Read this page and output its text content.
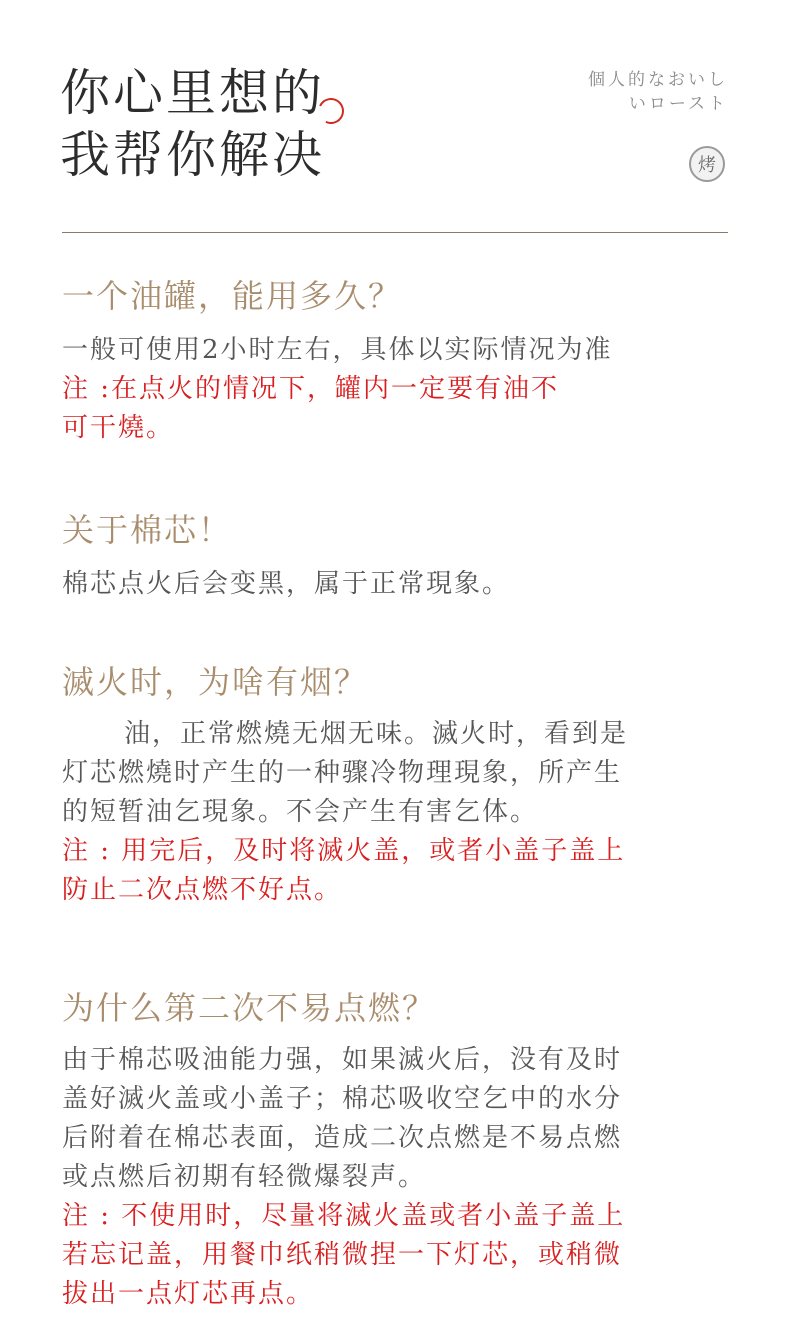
你心里想的
我帮你解决
個人的なおいし
いロースト
烤
一个油罐，能用多久？
一般可使用2小时左右，具体以实际情况为准
注 :在点火的情况下，罐内一定要有油不
可干燒。
关于棉芯！
棉芯点火后会变黑，属于正常現象。
滅火时，为啥有烟？
油，正常燃燒无烟无味。滅火时，看到是
灯芯燃燒时产生的一种骤冷物理現象，所产生
的短暂油乞現象。不会产生有害乞体。
注 : 用完后，及时将滅火盖，或者小盖子盖上
防止二次点燃不好点。
为什么第二次不易点燃？
由于棉芯吸油能力强，如果滅火后，没有及时
盖好滅火盖或小盖子；棉芯吸收空乞中的水分
后附着在棉芯表面，造成二次点燃是不易点燃
或点燃后初期有轻微爆裂声。
注 : 不使用时，尽量将滅火盖或者小盖子盖上
若忘记盖，用餐巾纸稍微捏一下灯芯，或稍微
拔出一点灯芯再点。
